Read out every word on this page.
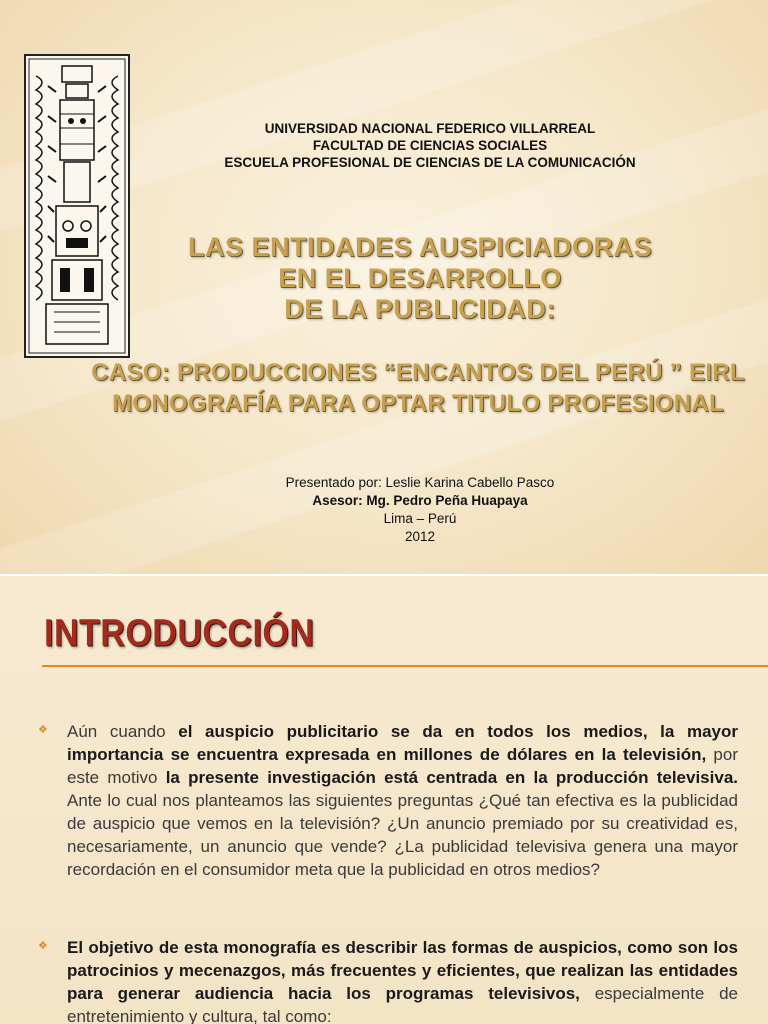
UNIVERSIDAD NACIONAL FEDERICO VILLARREAL
FACULTAD DE CIENCIAS SOCIALES
ESCUELA PROFESIONAL DE CIENCIAS DE LA COMUNICACIÓN
LAS ENTIDADES AUSPICIADORAS
EN EL DESARROLLO
DE LA PUBLICIDAD:
CASO: PRODUCCIONES “ENCANTOS DEL PERÚ ” EIRL
MONOGRAFÍA PARA OPTAR TITULO PROFESIONAL
Presentado por: Leslie Karina Cabello Pasco
Asesor: Mg. Pedro Peña Huapaya
Lima – Perú
2012
INTRODUCCIÓN
❖ Aún cuando el auspicio publicitario se da en todos los medios, la mayor importancia se encuentra expresada en millones de dólares en la televisión, por este motivo la presente investigación está centrada en la producción televisiva. Ante lo cual nos planteamos las siguientes preguntas ¿Qué tan efectiva es la publicidad de auspicio que vemos en la televisión? ¿Un anuncio premiado por su creatividad es, necesariamente, un anuncio que vende? ¿La publicidad televisiva genera una mayor recordación en el consumidor meta que la publicidad en otros medios?
❖ El objetivo de esta monografía es describir las formas de auspicios, como son los patrocinios y mecenazgos, más frecuentes y eficientes, que realizan las entidades para generar audiencia hacia los programas televisivos, especialmente de entretenimiento y cultura, tal como:
